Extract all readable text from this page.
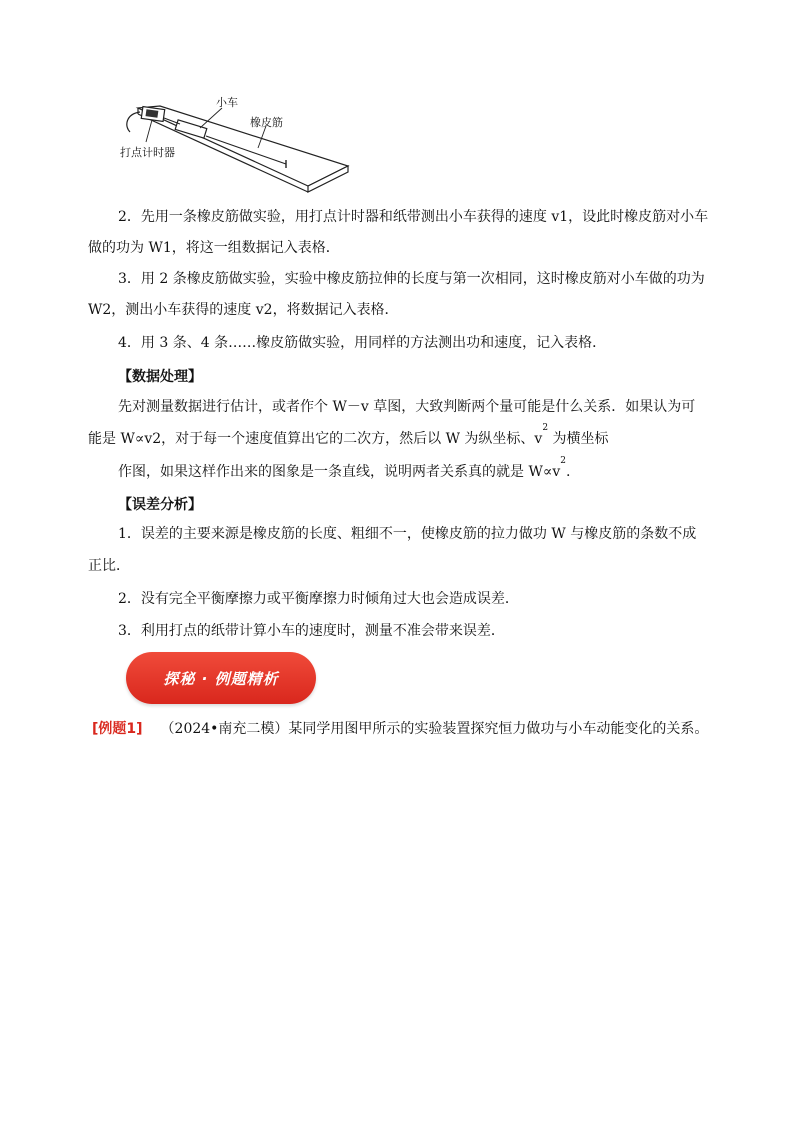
小车
橡皮筋
打点计时器
2．先用一条橡皮筋做实验，用打点计时器和纸带测出小车获得的速度 v1，设此时橡皮筋对小车
做的功为 W1，将这一组数据记入表格．
3．用 2 条橡皮筋做实验，实验中橡皮筋拉伸的长度与第一次相同，这时橡皮筋对小车做的功为
W2，测出小车获得的速度 v2，将数据记入表格．
4．用 3 条、4 条……橡皮筋做实验，用同样的方法测出功和速度，记入表格．
【数据处理】
先对测量数据进行估计，或者作个 W－v 草图，大致判断两个量可能是什么关系．如果认为可
能是 W∝v2，对于每一个速度值算出它的二次方，然后以 W 为纵坐标、$v^2$ 为横坐标
作图，如果这样作出来的图象是一条直线，说明两者关系真的就是 $W\propto v^2$.
【误差分析】
1．误差的主要来源是橡皮筋的长度、粗细不一，使橡皮筋的拉力做功 W 与橡皮筋的条数不成
正比．
2．没有完全平衡摩擦力或平衡摩擦力时倾角过大也会造成误差．
3．利用打点的纸带计算小车的速度时，测量不准会带来误差．
探秘 · 例题精析
[例题1] （2024•南充二模）某同学用图甲所示的实验装置探究恒力做功与小车动能变化的关系。
